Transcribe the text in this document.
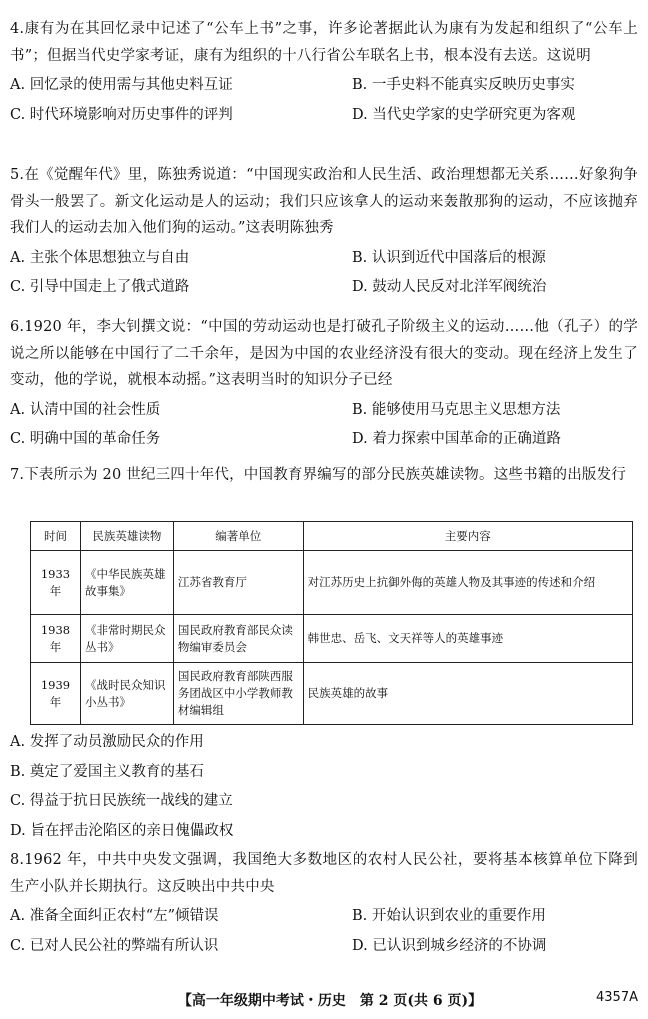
4.康有为在其回忆录中记述了“公车上书”之事，许多论著据此认为康有为发起和组织了“公车上书”；但据当代史学家考证，康有为组织的十八行省公车联名上书，根本没有去送。这说明
A. 回忆录的使用需与其他史料互证	B. 一手史料不能真实反映历史事实
C. 时代环境影响对历史事件的评判	D. 当代史学家的史学研究更为客观
5.在《觉醒年代》里，陈独秀说道：“中国现实政治和人民生活、政治理想都无关系……好象狗争骨头一般罢了。新文化运动是人的运动；我们只应该拿人的运动来轰散那狗的运动，不应该抛弃我们人的运动去加入他们狗的运动。”这表明陈独秀
A. 主张个体思想独立与自由	B. 认识到近代中国落后的根源
C. 引导中国走上了俄式道路	D. 鼓动人民反对北洋军阀统治
6.1920 年，李大钊撰文说：“中国的劳动运动也是打破孔子阶级主义的运动……他（孔子）的学说之所以能够在中国行了二千余年，是因为中国的农业经济没有很大的变动。现在经济上发生了变动，他的学说，就根本动摇。”这表明当时的知识分子已经
A. 认清中国的社会性质	B. 能够使用马克思主义思想方法
C. 明确中国的革命任务	D. 着力探索中国革命的正确道路
7.下表所示为 20 世纪三四十年代，中国教育界编写的部分民族英雄读物。这些书籍的出版发行
时间	民族英雄读物	编著单位	主要内容
1933 年	《中华民族英雄故事集》	江苏省教育厅	对江苏历史上抗御外侮的英雄人物及其事迹的传述和介绍
1938 年	《非常时期民众丛书》	国民政府教育部民众读物编审委员会	韩世忠、岳飞、文天祥等人的英雄事迹
1939 年	《战时民众知识小丛书》	国民政府教育部陕西服务团战区中小学教师教材编辑组	民族英雄的故事
A. 发挥了动员激励民众的作用
B. 奠定了爱国主义教育的基石
C. 得益于抗日民族统一战线的建立
D. 旨在抨击沦陷区的亲日傀儡政权
8.1962 年，中共中央发文强调，我国绝大多数地区的农村人民公社，要将基本核算单位下降到生产小队并长期执行。这反映出中共中央
A. 准备全面纠正农村“左”倾错误	B. 开始认识到农业的重要作用
C. 已对人民公社的弊端有所认识	D. 已认识到城乡经济的不协调
【高一年级期中考试・历史　第 2 页(共 6 页)】	4357A
